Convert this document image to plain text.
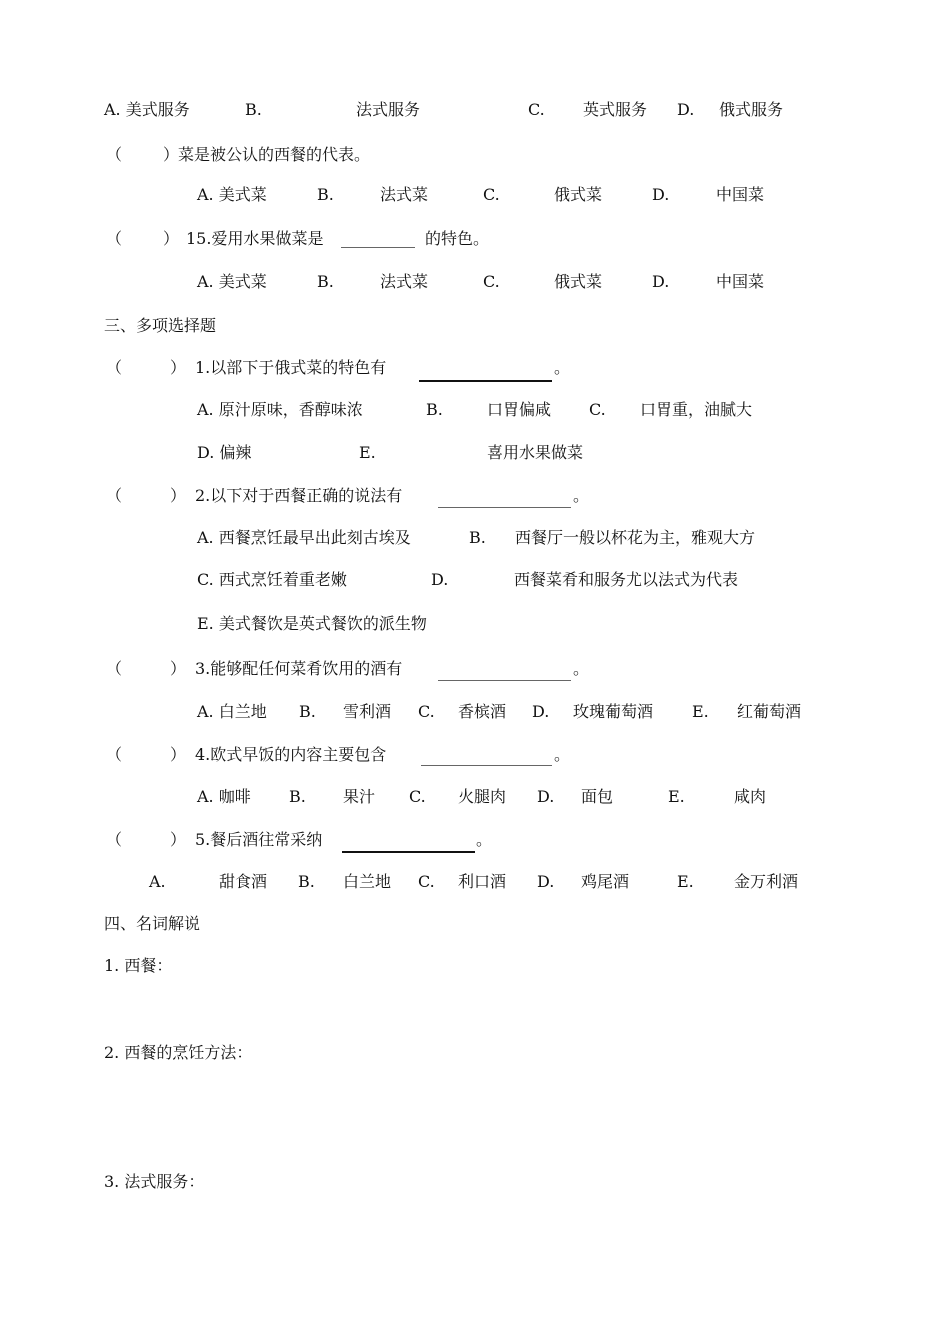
A. 美式服务	B.	法式服务	C. 英式服务 D. 俄式服务
（	）
菜是被公认的西餐的代表。
A. 美式菜	B.	法式菜	C.	俄式菜	D.	中国菜
（	） 15.爱用水果做菜是	的特色。
A. 美式菜	B.	法式菜	C.	俄式菜	D.	中国菜
三、多项选择题
（	） 1.以部下于俄式菜的特色有	。
A. 原汁原味，香醇味浓	B.	口胃偏咸 C. 口胃重，油腻大
D. 偏辣	E.	喜用水果做菜
（	） 2.以下对于西餐正确的说法有	。
A. 西餐烹饪最早出此刻古埃及	B. 西餐厅一般以杯花为主，雅观大方
C. 西式烹饪着重老嫩	D.	西餐菜肴和服务尤以法式为代表
E. 美式餐饮是英式餐饮的派生物
（	） 3.能够配任何菜肴饮用的酒有	。
A. 白兰地 B. 雪利酒 C. 香槟酒 D. 玫瑰葡萄酒 E. 红葡萄酒
（	） 4.欧式早饭的内容主要包含	。
A. 咖啡 B. 果汁 C. 火腿肉 D. 面包	E.	咸肉
（	） 5.餐后酒往常采纳	。
A.	甜食酒 B. 白兰地 C. 利口酒 D. 鸡尾酒	E.	金万利酒
四、名词解说
1. 西餐：
2. 西餐的烹饪方法：
3. 法式服务：
